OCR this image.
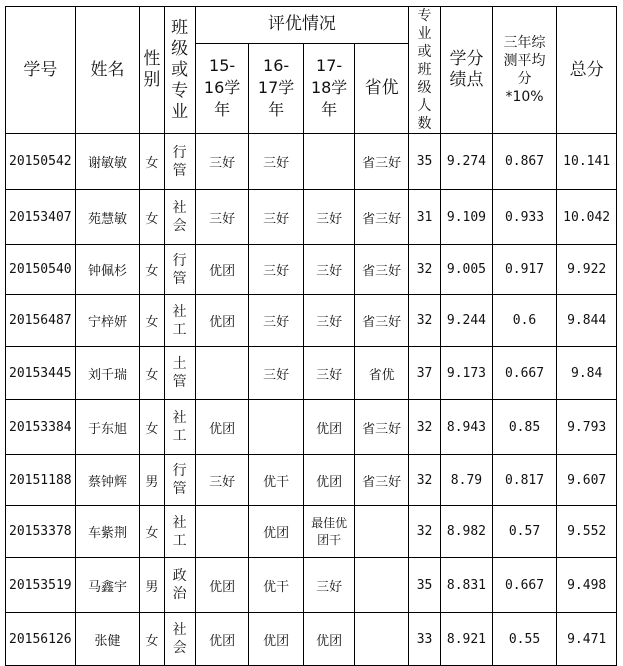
学号	姓名	性别	班级或专业	评优情况				专业或班级人数	学分绩点	三年综测平均分*10%	总分
				15-16学年	16-17学年	17-18学年	省优				
20150542	谢敏敏	女	行管	三好	三好		省三好	35	9.274	0.867	10.141
20153407	苑慧敏	女	社会	三好	三好	三好	省三好	31	9.109	0.933	10.042
20150540	钟佩杉	女	行管	优团	三好	三好	省三好	32	9.005	0.917	9.922
20156487	宁梓妍	女	社工	优团	三好	三好	省三好	32	9.244	0.6	9.844
20153445	刘千瑞	女	土管		三好	三好	省优	37	9.173	0.667	9.84
20153384	于东旭	女	社工	优团		优团	省三好	32	8.943	0.85	9.793
20151188	蔡钟辉	男	行管	三好	优干	优团	省三好	32	8.79	0.817	9.607
20153378	车紫荆	女	社工		优团	最佳优团干		32	8.982	0.57	9.552
20153519	马鑫宇	男	政治	优团	优干	三好		35	8.831	0.667	9.498
20156126	张健	女	社会	优团	优团	优团		33	8.921	0.55	9.471
